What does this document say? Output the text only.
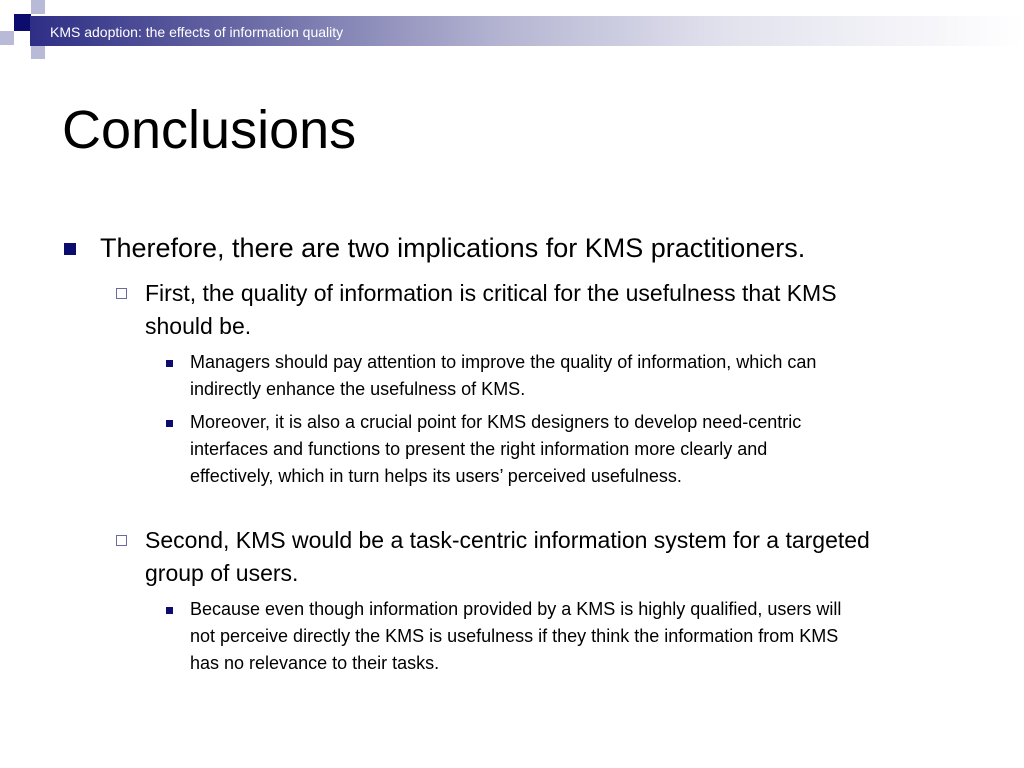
KMS adoption: the effects of information quality
Conclusions
Therefore, there are two implications for KMS practitioners.
First, the quality of information is critical for the usefulness that KMS
should be.
Managers should pay attention to improve the quality of information, which can
indirectly enhance the usefulness of KMS.
Moreover, it is also a crucial point for KMS designers to develop need-centric
interfaces and functions to present the right information more clearly and
effectively, which in turn helps its users’ perceived usefulness.
Second, KMS would be a task-centric information system for a targeted
group of users.
Because even though information provided by a KMS is highly qualified, users will
not perceive directly the KMS is usefulness if they think the information from KMS
has no relevance to their tasks.
